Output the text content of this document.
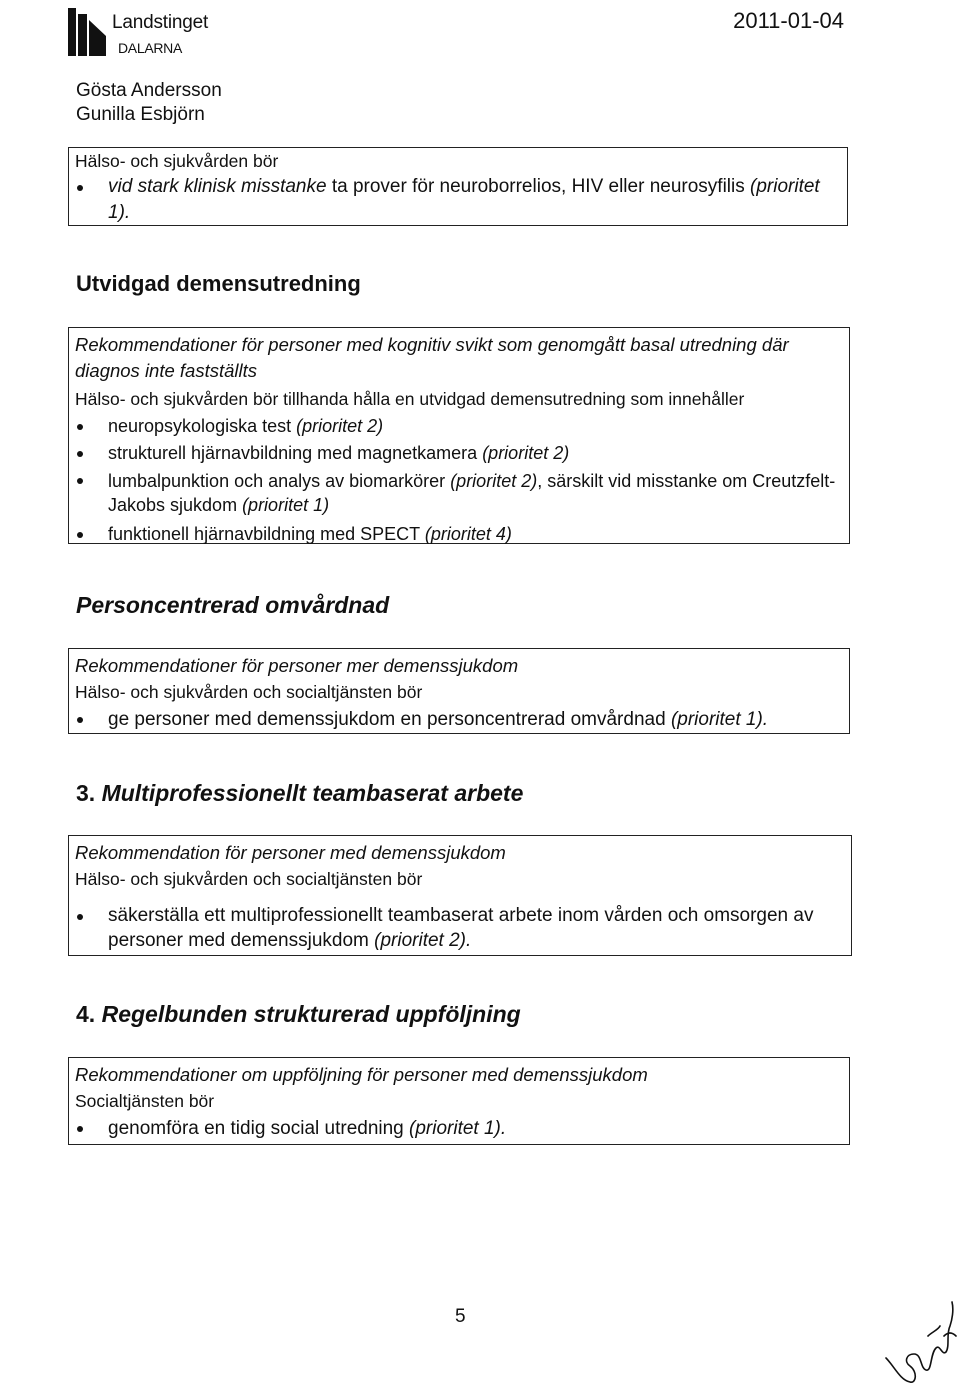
Landstinget
DALARNA
2011-01-04
Gösta Andersson
Gunilla Esbjörn
Hälso- och sjukvården bör
vid stark klinisk misstanke ta prover för neuroborrelios, HIV eller neurosyfilis (prioritet 1).
Utvidgad demensutredning
Rekommendationer för personer med kognitiv svikt som genomgått basal utredning där diagnos inte fastställts
Hälso- och sjukvården bör tillhanda hålla en utvidgad demensutredning som innehåller
neuropsykologiska test (prioritet 2)
strukturell hjärnavbildning med magnetkamera (prioritet 2)
lumbalpunktion och analys av biomarkörer (prioritet 2), särskilt vid misstanke om Creutzfelt-Jakobs sjukdom (prioritet 1)
funktionell hjärnavbildning med SPECT (prioritet 4)
Personcentrerad omvårdnad
Rekommendationer för personer mer demenssjukdom
Hälso- och sjukvården och socialtjänsten bör
ge personer med demenssjukdom en personcentrerad omvårdnad (prioritet 1).
3. Multiprofessionellt teambaserat arbete
Rekommendation för personer med demenssjukdom
Hälso- och sjukvården och socialtjänsten bör
säkerställa ett multiprofessionellt teambaserat arbete inom vården och omsorgen av personer med demenssjukdom (prioritet 2).
4. Regelbunden strukturerad uppföljning
Rekommendationer om uppföljning för personer med demenssjukdom
Socialtjänsten bör
genomföra en tidig social utredning (prioritet 1).
5
